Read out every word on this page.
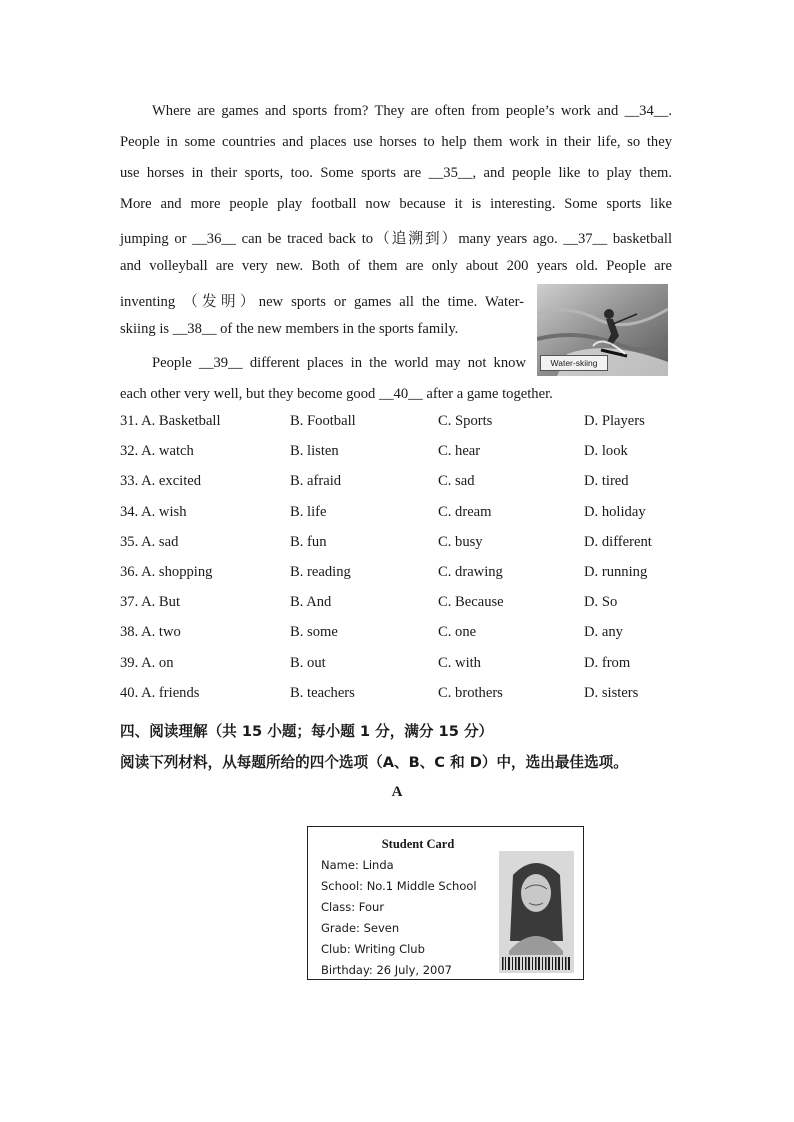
Where are games and sports from? They are often from people’s work and __34__.
People in some countries and places use horses to help them work in their life, so they
use horses in their sports, too. Some sports are __35__, and people like to play them.
More and more people play football now because it is interesting. Some sports like
jumping or __36__ can be traced back to（追溯到）many years ago. __37__ basketball
and volleyball are very new. Both of them are only about 200 years old. People are
inventing （发明）new sports or games all the time. Water-
skiing is __38__ of the new members in the sports family.
People __39__ different places in the world may not know
each other very well, but they become good __40__ after a game together.
Water-skiing
31. A. Basketball	B. Football	C. Sports	D. Players
32. A. watch	B. listen	C. hear	D. look
33. A. excited	B. afraid	C. sad	D. tired
34. A. wish	B. life	C. dream	D. holiday
35. A. sad	B. fun	C. busy	D. different
36. A. shopping	B. reading	C. drawing	D. running
37. A. But	B. And	C. Because	D. So
38. A. two	B. some	C. one	D. any
39. A. on	B. out	C. with	D. from
40. A. friends	B. teachers	C. brothers	D. sisters
四、阅读理解（共 15 小题；每小题 1 分，满分 15 分）
阅读下列材料，从每题所给的四个选项（A、B、C 和 D）中，选出最佳选项。
A
Student Card
Name: Linda
School: No.1 Middle School
Class: Four
Grade: Seven
Club: Writing Club
Birthday: 26 July, 2007
